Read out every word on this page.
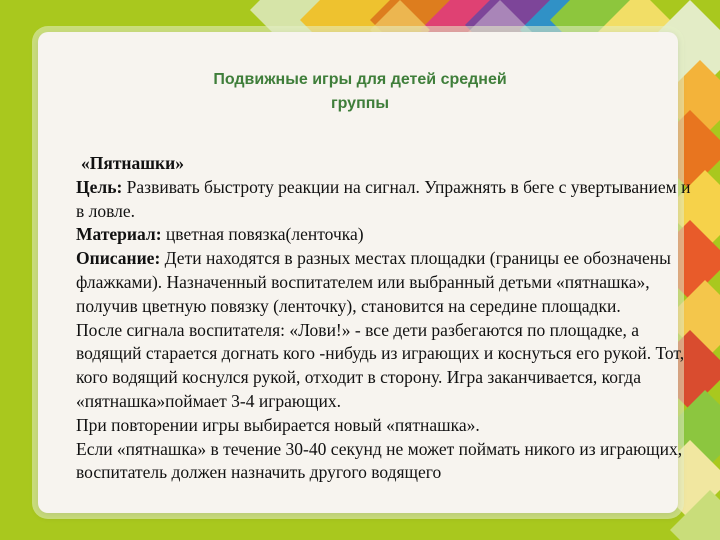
Подвижные игры для детей средней
группы

«Пятнашки»

Цель: Развивать быстроту реакции на сигнал. Упражнять в беге с увертыванием и в ловле.

Материал: цветная повязка(ленточка)

Описание: Дети находятся в разных местах площадки (границы ее обозначены флажками). Назначенный воспитателем или выбранный детьми «пятнашка», получив цветную повязку (ленточку), становится на середине площадки.

После сигнала воспитателя: «Лови!» - все дети разбегаются по площадке, а водящий старается догнать кого -нибудь из играющих и коснуться его рукой. Тот, кого водящий коснулся рукой, отходит в сторону. Игра заканчивается, когда «пятнашка»поймает 3-4 играющих.

При повторении игры выбирается новый «пятнашка».

Если «пятнашка» в течение 30-40 секунд не может поймать никого из играющих, воспитатель должен назначить другого водящего
